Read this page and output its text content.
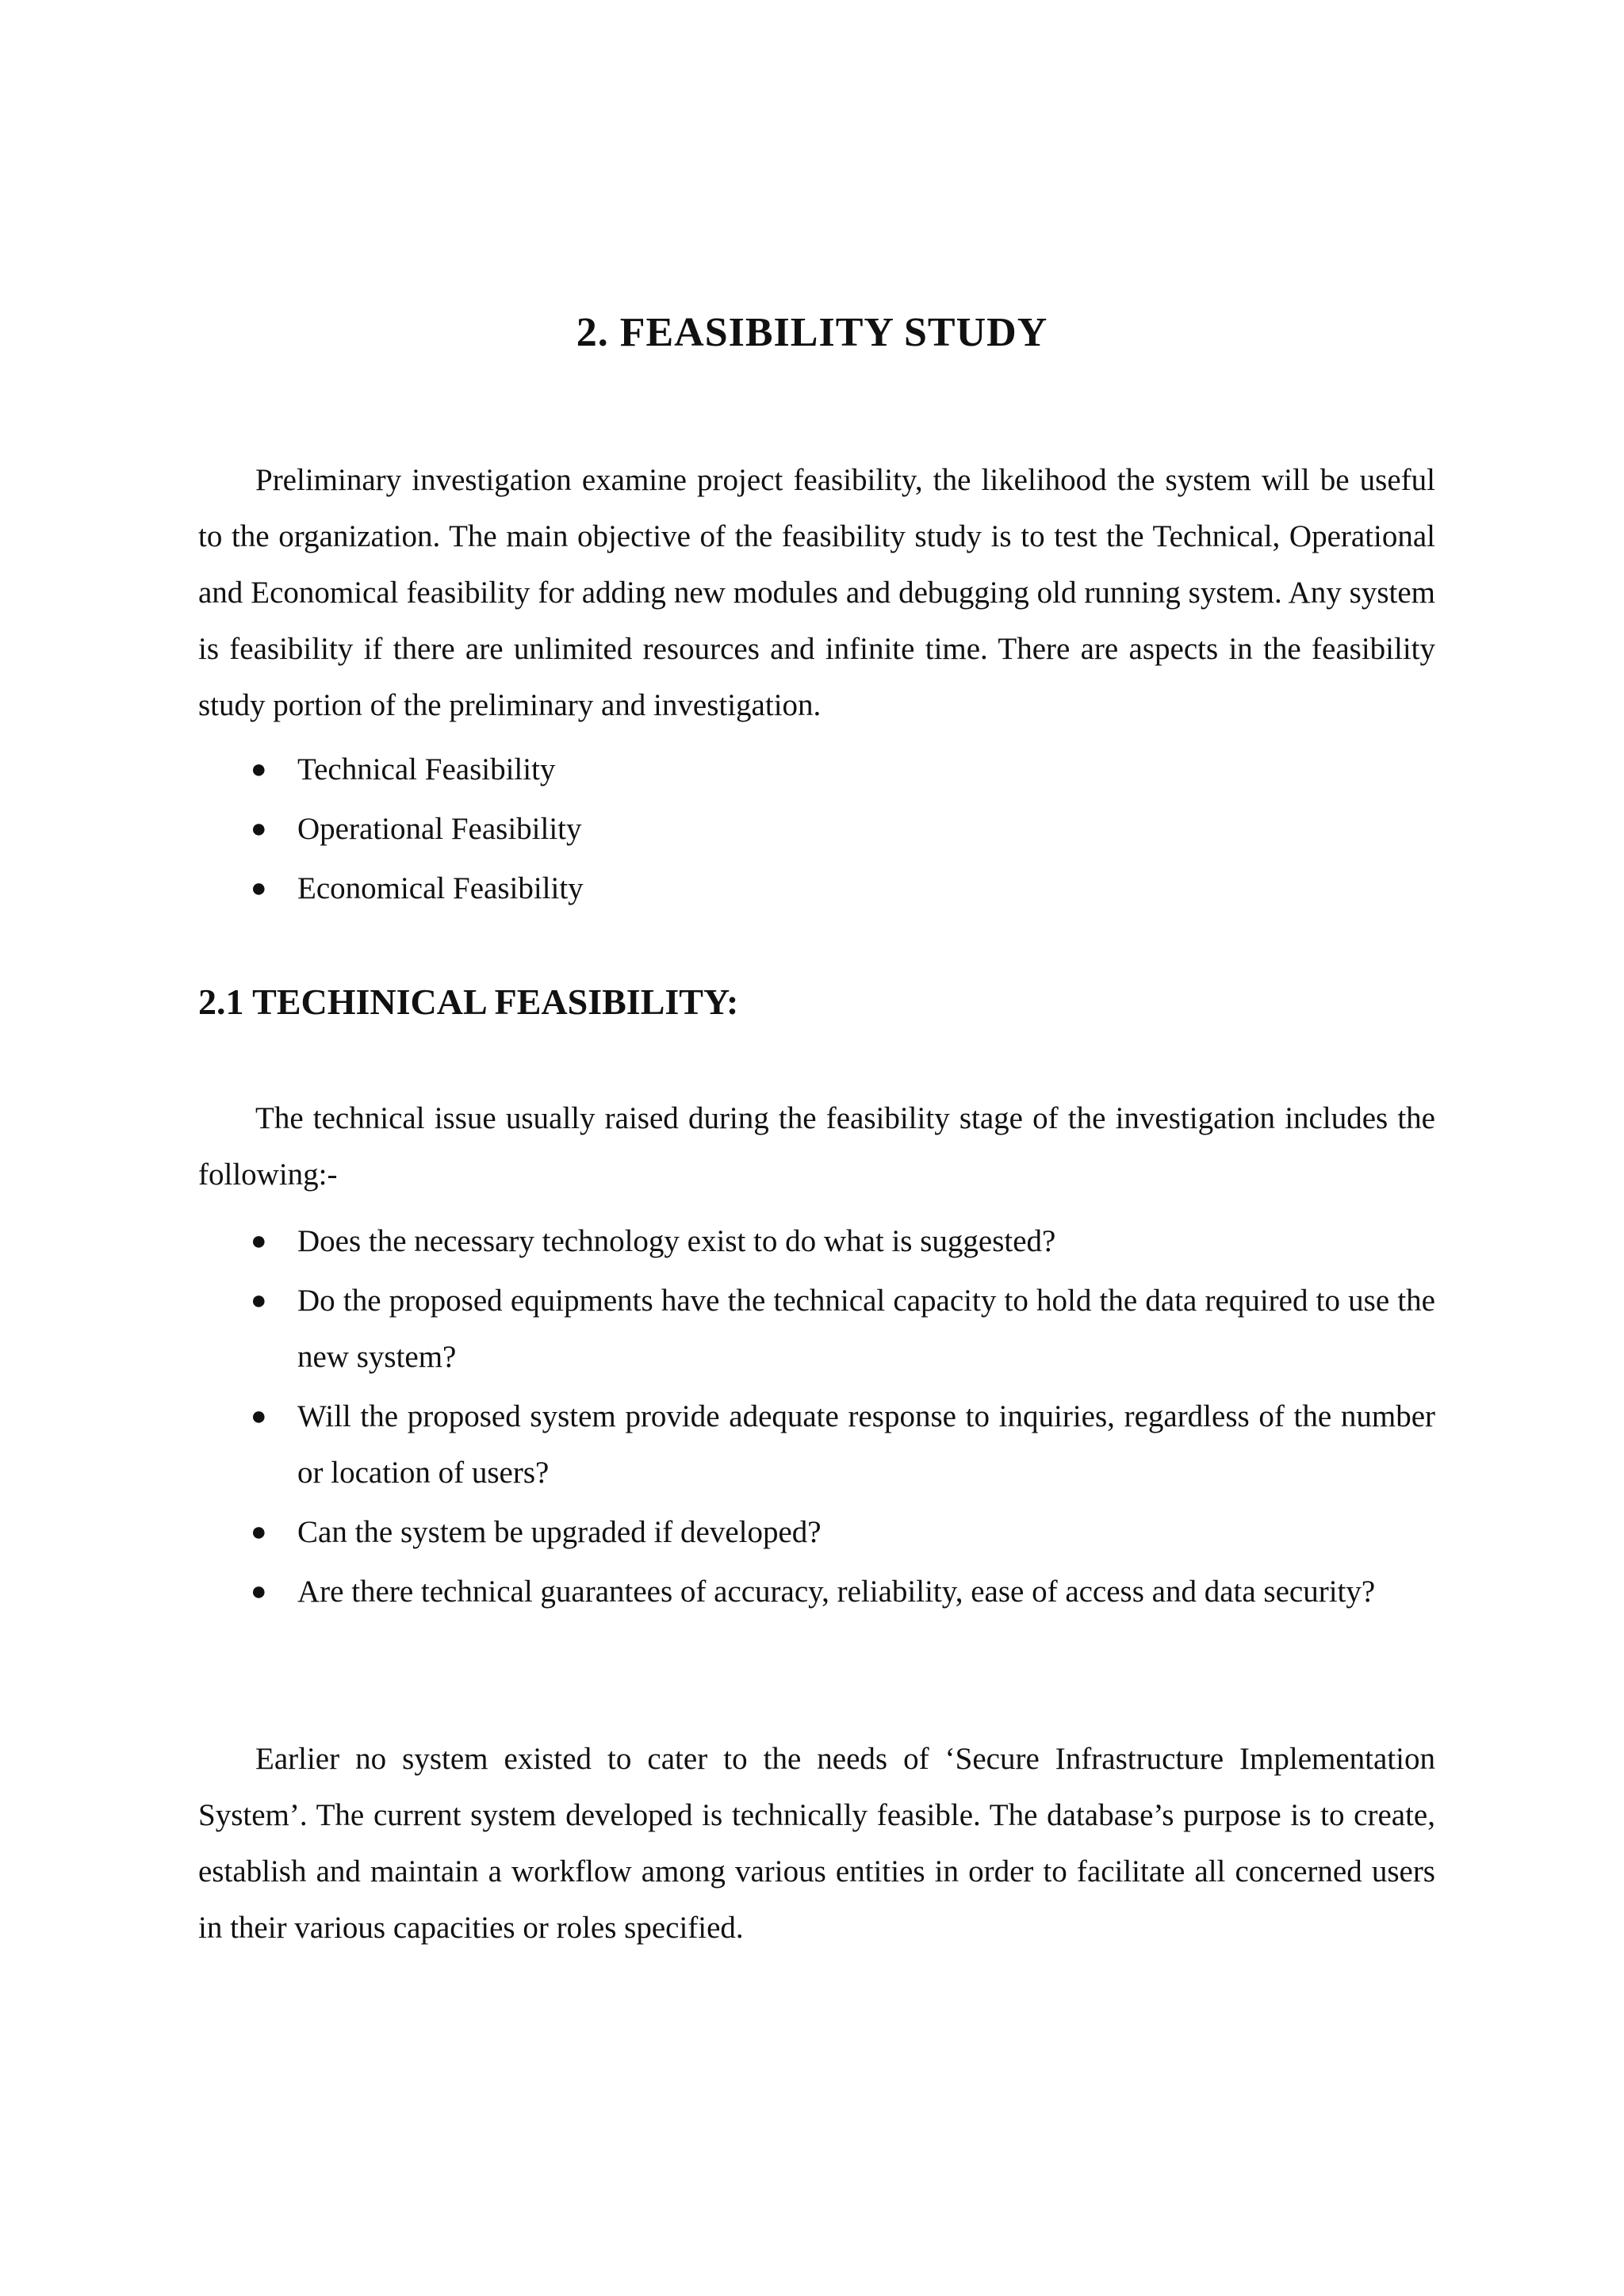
2. FEASIBILITY STUDY

Preliminary investigation examine project feasibility, the likelihood the system will be useful to the organization. The main objective of the feasibility study is to test the Technical, Operational and Economical feasibility for adding new modules and debugging old running system. Any system is feasibility if there are unlimited resources and infinite time. There are aspects in the feasibility study portion of the preliminary and investigation.

● Technical Feasibility
● Operational Feasibility
● Economical Feasibility
2.1 TECHINICAL FEASIBILITY:

The technical issue usually raised during the feasibility stage of the investigation includes the following:-

● Does the necessary technology exist to do what is suggested?
● Do the proposed equipments have the technical capacity to hold the data required to use the new system?
● Will the proposed system provide adequate response to inquiries, regardless of the number or location of users?
● Can the system be upgraded if developed?
● Are there technical guarantees of accuracy, reliability, ease of access and data security?

Earlier no system existed to cater to the needs of ‘Secure Infrastructure Implementation System’. The current system developed is technically feasible. The database’s purpose is to create, establish and maintain a workflow among various entities in order to facilitate all concerned users in their various capacities or roles specified.
